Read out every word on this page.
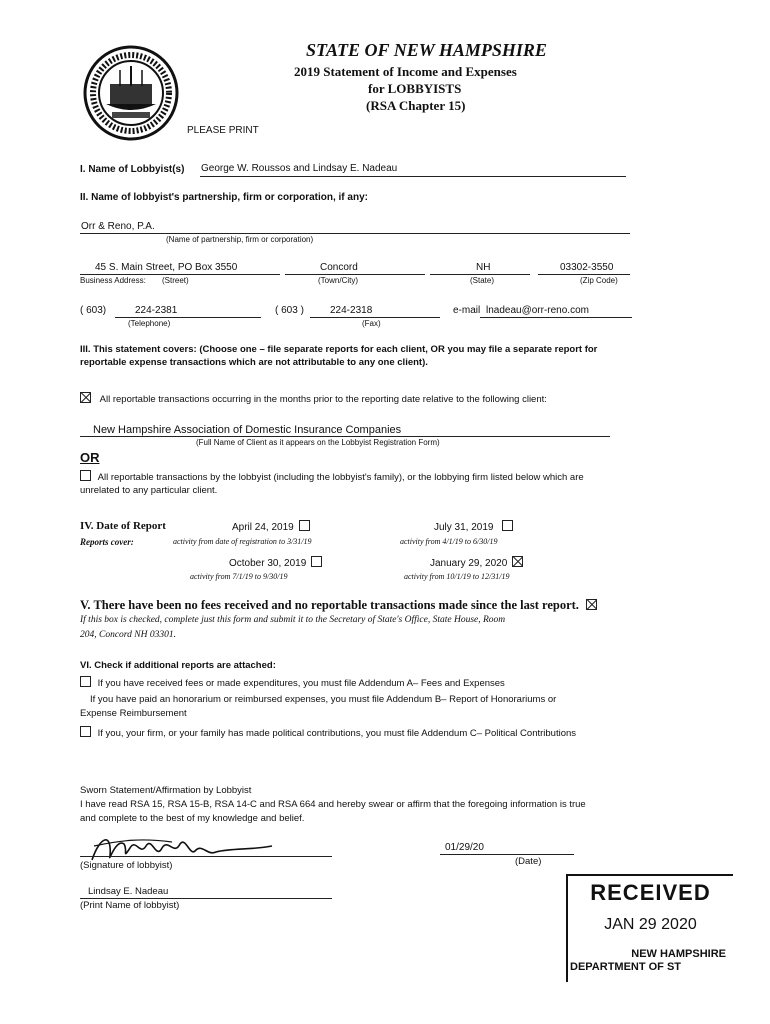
STATE OF NEW HAMPSHIRE
2019 Statement of Income and Expenses
for LOBBYISTS
(RSA Chapter 15)
PLEASE PRINT
I. Name of Lobbyist(s) George W. Roussos and Lindsay E. Nadeau
II. Name of lobbyist's partnership, firm or corporation, if any:
Orr & Reno, P.A.
(Name of partnership, firm or corporation)
45 S. Main Street, PO Box 3550	Concord	NH	03302-3550
Business Address: (Street)	(Town/City)	(State)	(Zip Code)
( 603)	224-2381	( 603 )	224-2318	e-mail lnadeau@orr-reno.com
(Telephone)	(Fax)
III. This statement covers: (Choose one – file separate reports for each client, OR you may file a separate report for
reportable expense transactions which are not attributable to any one client).
All reportable transactions occurring in the months prior to the reporting date relative to the following client:
New Hampshire Association of Domestic Insurance Companies
(Full Name of Client as it appears on the Lobbyist Registration Form)
OR
All reportable transactions by the lobbyist (including the lobbyist's family), or the lobbying firm listed below which are
unrelated to any particular client.
IV. Date of Report
Reports cover:
April 24, 2019
activity from date of registration to 3/31/19
July 31, 2019
activity from 4/1/19 to 6/30/19
October 30, 2019
activity from 7/1/19 to 9/30/19
January 29, 2020
activity from 10/1/19 to 12/31/19
V. There have been no fees received and no reportable transactions made since the last report.
If this box is checked, complete just this form and submit it to the Secretary of State's Office, State House, Room
204, Concord NH 03301.
VI. Check if additional reports are attached:
If you have received fees or made expenditures, you must file Addendum A– Fees and Expenses
If you have paid an honorarium or reimbursed expenses, you must file Addendum B– Report of Honorariums or
Expense Reimbursement
If you, your firm, or your family has made political contributions, you must file Addendum C– Political Contributions
Sworn Statement/Affirmation by Lobbyist
I have read RSA 15, RSA 15-B, RSA 14-C and RSA 664 and hereby swear or affirm that the foregoing information is true
and complete to the best of my knowledge and belief.
(Signature of lobbyist)
01/29/20
(Date)
Lindsay E. Nadeau
(Print Name of lobbyist)
RECEIVED
JAN 29 2020
NEW HAMPSHIRE
DEPARTMENT OF ST
